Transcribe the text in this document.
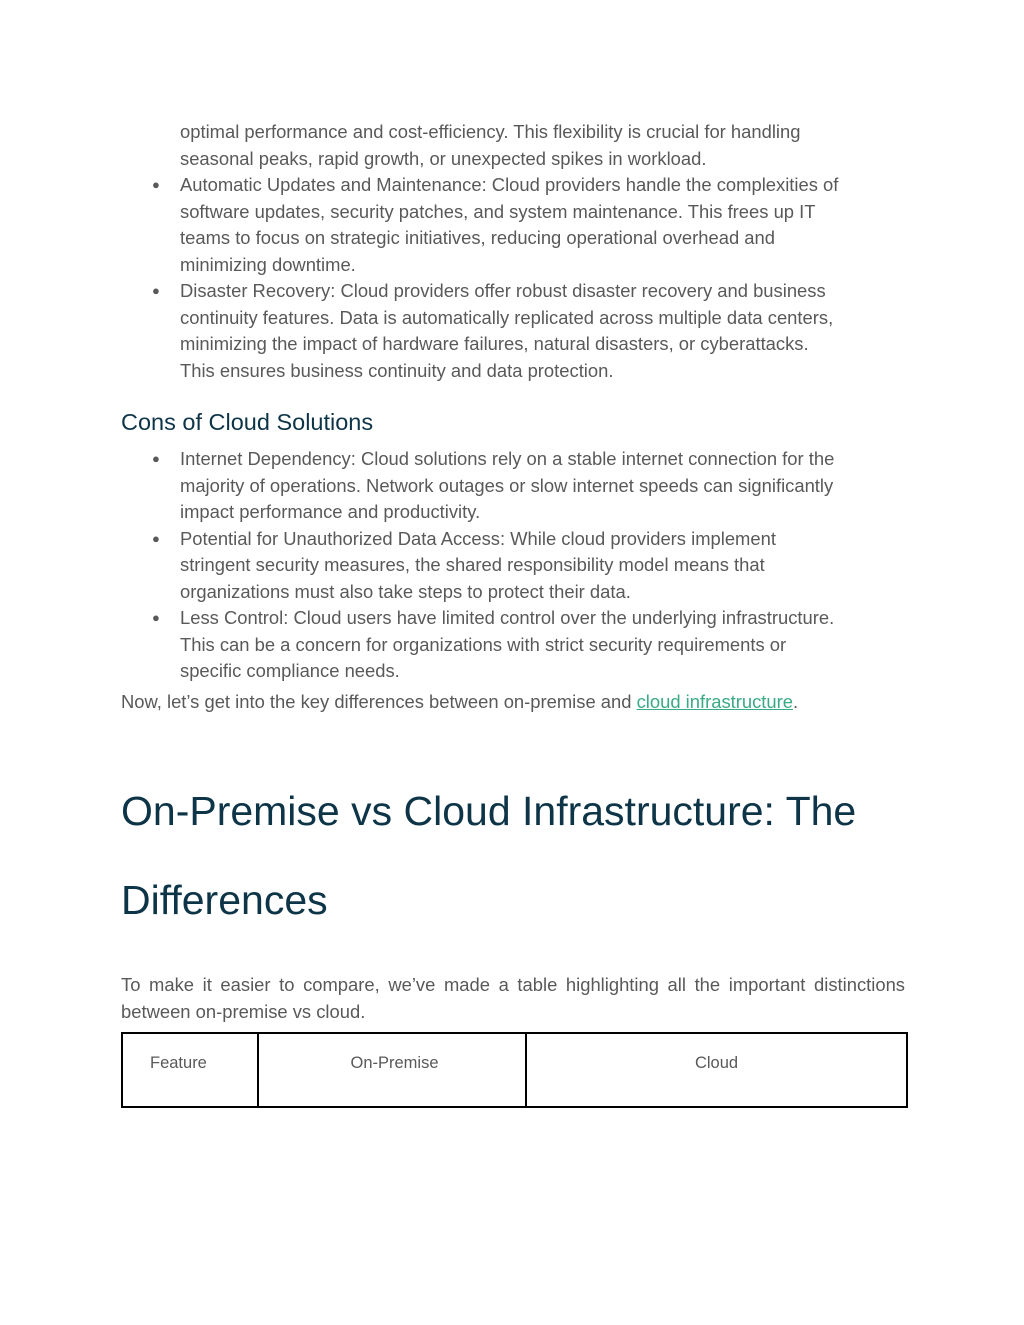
optimal performance and cost-efficiency. This flexibility is crucial for handling
seasonal peaks, rapid growth, or unexpected spikes in workload.
● Automatic Updates and Maintenance: Cloud providers handle the complexities of
software updates, security patches, and system maintenance. This frees up IT
teams to focus on strategic initiatives, reducing operational overhead and
minimizing downtime.
● Disaster Recovery: Cloud providers offer robust disaster recovery and business
continuity features. Data is automatically replicated across multiple data centers,
minimizing the impact of hardware failures, natural disasters, or cyberattacks.
This ensures business continuity and data protection.
Cons of Cloud Solutions
● Internet Dependency: Cloud solutions rely on a stable internet connection for the
majority of operations. Network outages or slow internet speeds can significantly
impact performance and productivity.
● Potential for Unauthorized Data Access: While cloud providers implement
stringent security measures, the shared responsibility model means that
organizations must also take steps to protect their data.
● Less Control: Cloud users have limited control over the underlying infrastructure.
This can be a concern for organizations with strict security requirements or
specific compliance needs.

Now, let’s get into the key differences between on-premise and cloud infrastructure.

On-Premise vs Cloud Infrastructure: The
Differences

To make it easier to compare, we’ve made a table highlighting all the important distinctions between on-premise vs cloud.

Feature	On-Premise	Cloud
